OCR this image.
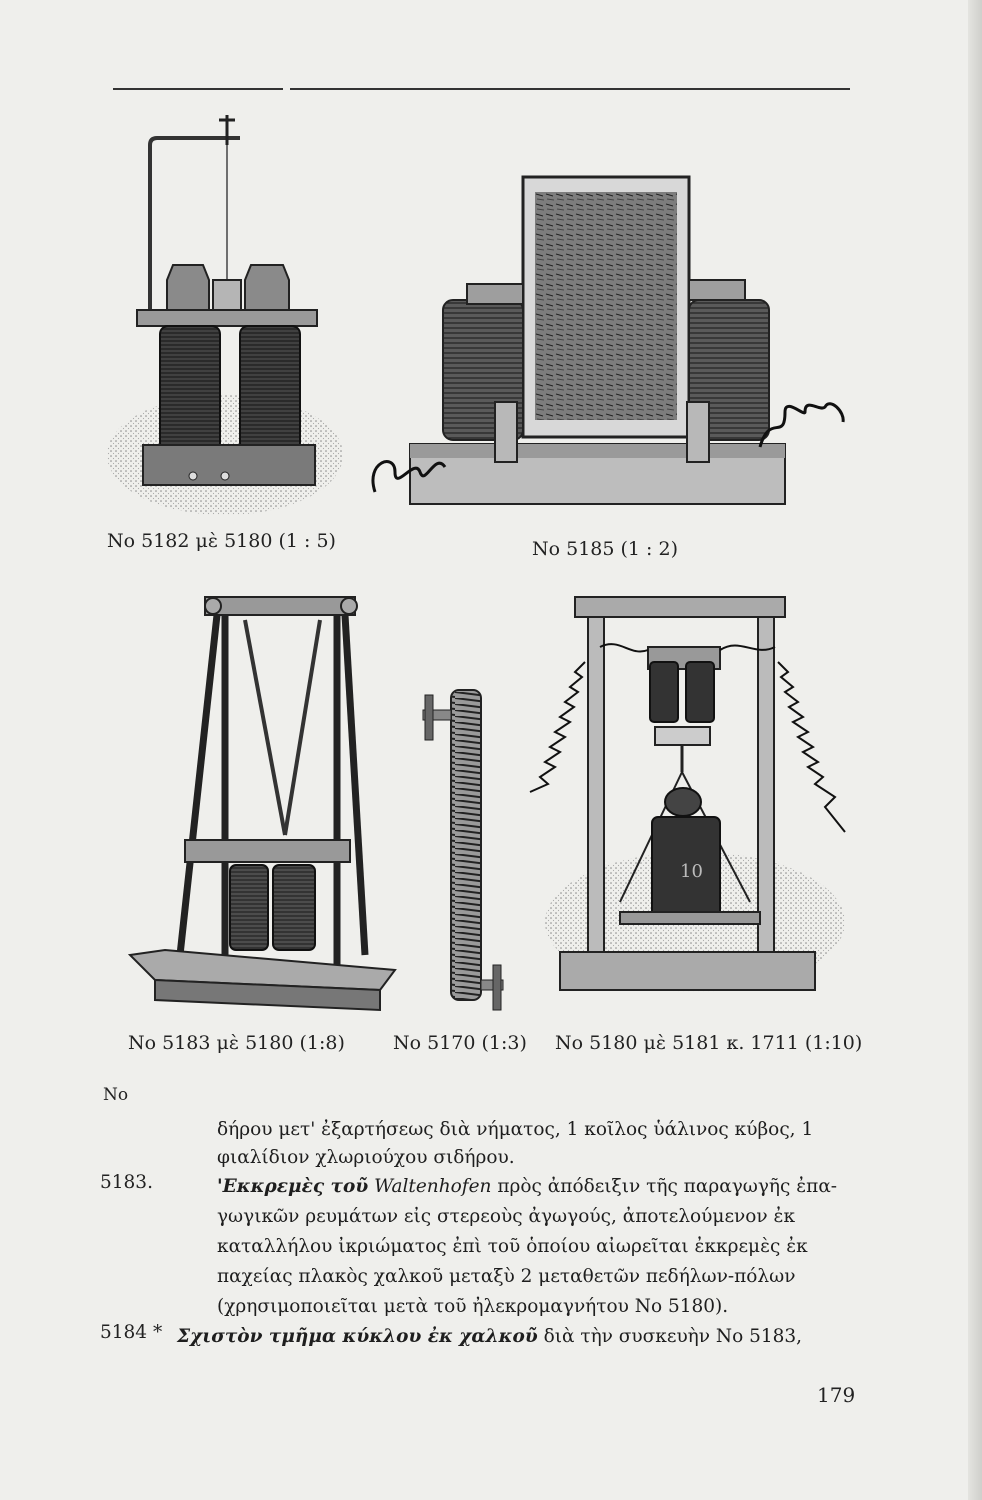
No 5182 μὲ 5180 (1 : 5)	No 5185 (1 : 2)
No 5183 μὲ 5180 (1:8)	No 5170 (1:3)
10
No 5180 μὲ 5181 κ. 1711 (1:10)
No
δήρου μετ' ἐξαρτήσεως διὰ νήματος, 1 κοῖλος ὑάλινος κύβος, 1
φιαλίδιον χλωριούχου σιδήρου.
5183.	'Εκκρεμὲς τοῦ Waltenhofen πρὸς ἀπόδειξιν τῆς παραγωγῆς ἐπα-
γωγικῶν ρευμάτων εἰς στερεοὺς ἀγωγούς, ἀποτελούμενον ἐκ
καταλλήλου ἰκριώματος ἐπὶ τοῦ ὁποίου αἰωρεῖται ἐκκρεμὲς ἐκ
παχείας πλακὸς χαλκοῦ μεταξὺ 2 μεταθετῶν πεδήλων-πόλων
(χρησιμοποιεῖται μετὰ τοῦ ἠλεκρομαγνήτου No 5180).
5184 * Σχιστὸν τμῆμα κύκλου ἐκ χαλκοῦ διὰ τὴν συσκευὴν No 5183,
179
